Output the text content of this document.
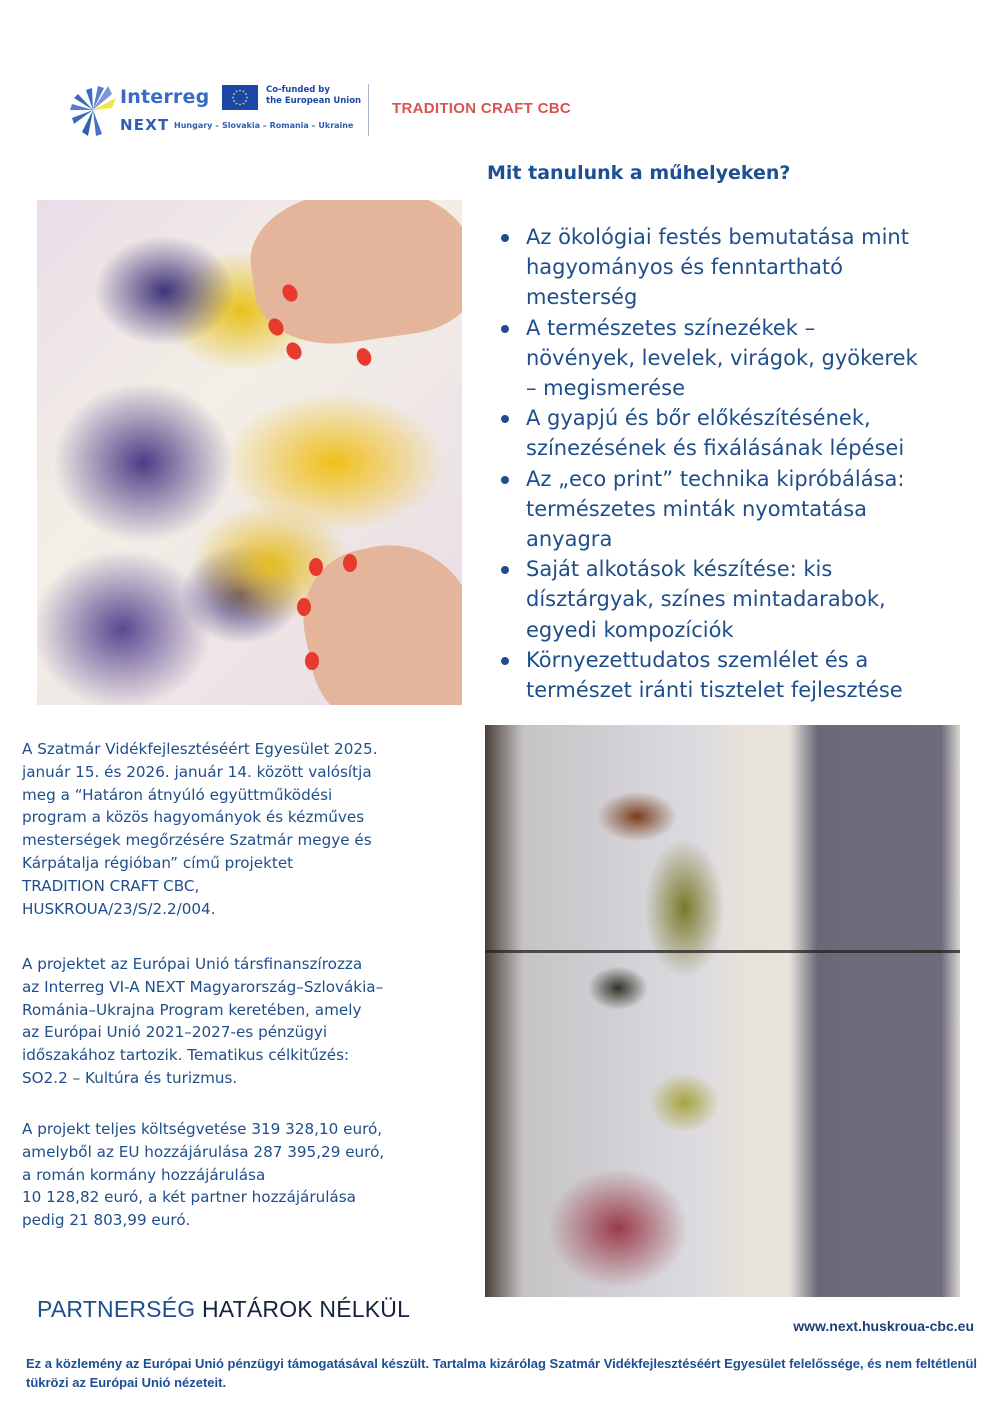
Interreg
NEXT Hungary – Slovakia – Romania – Ukraine
Co-funded by
the European Union TRADITION CRAFT CBC
Mit tanulunk a műhelyeken?
Az ökológiai festés bemutatása mint
hagyományos és fenntartható
mesterség
A természetes színezékek –
növények, levelek, virágok, gyökerek
– megismerése
A gyapjú és bőr előkészítésének,
színezésének és fixálásának lépései
Az „eco print” technika kipróbálása:
természetes minták nyomtatása
anyagra
Saját alkotások készítése: kis
dísztárgyak, színes mintadarabok,
egyedi kompozíciók
Környezettudatos szemlélet és a
természet iránti tisztelet fejlesztése
A Szatmár Vidékfejlesztéséért Egyesület 2025.
január 15. és 2026. január 14. között valósítja
meg a “Határon átnyúló együttműködési
program a közös hagyományok és kézműves
mesterségek megőrzésére Szatmár megye és
Kárpátalja régióban” című projektet
TRADITION CRAFT CBC,
HUSKROUA/23/S/2.2/004.
A projektet az Európai Unió társfinanszírozza
az Interreg VI-A NEXT Magyarország–Szlovákia–
Románia–Ukrajna Program keretében, amely
az Európai Unió 2021–2027-es pénzügyi
időszakához tartozik. Tematikus célkitűzés:
SO2.2 – Kultúra és turizmus.
A projekt teljes költségvetése 319 328,10 euró,
amelyből az EU hozzájárulása 287 395,29 euró,
a román kormány hozzájárulása
10 128,82 euró, a két partner hozzájárulása
pedig 21 803,99 euró.
PARTNERSÉG HATÁROK NÉLKÜL
www.next.huskroua-cbc.eu

Ez a közlemény az Európai Unió pénzügyi támogatásával készült. Tartalma kizárólag Szatmár Vidékfejlesztéséért Egyesület felelőssége, és nem feltétlenül tükrözi az Európai Unió nézeteit.
